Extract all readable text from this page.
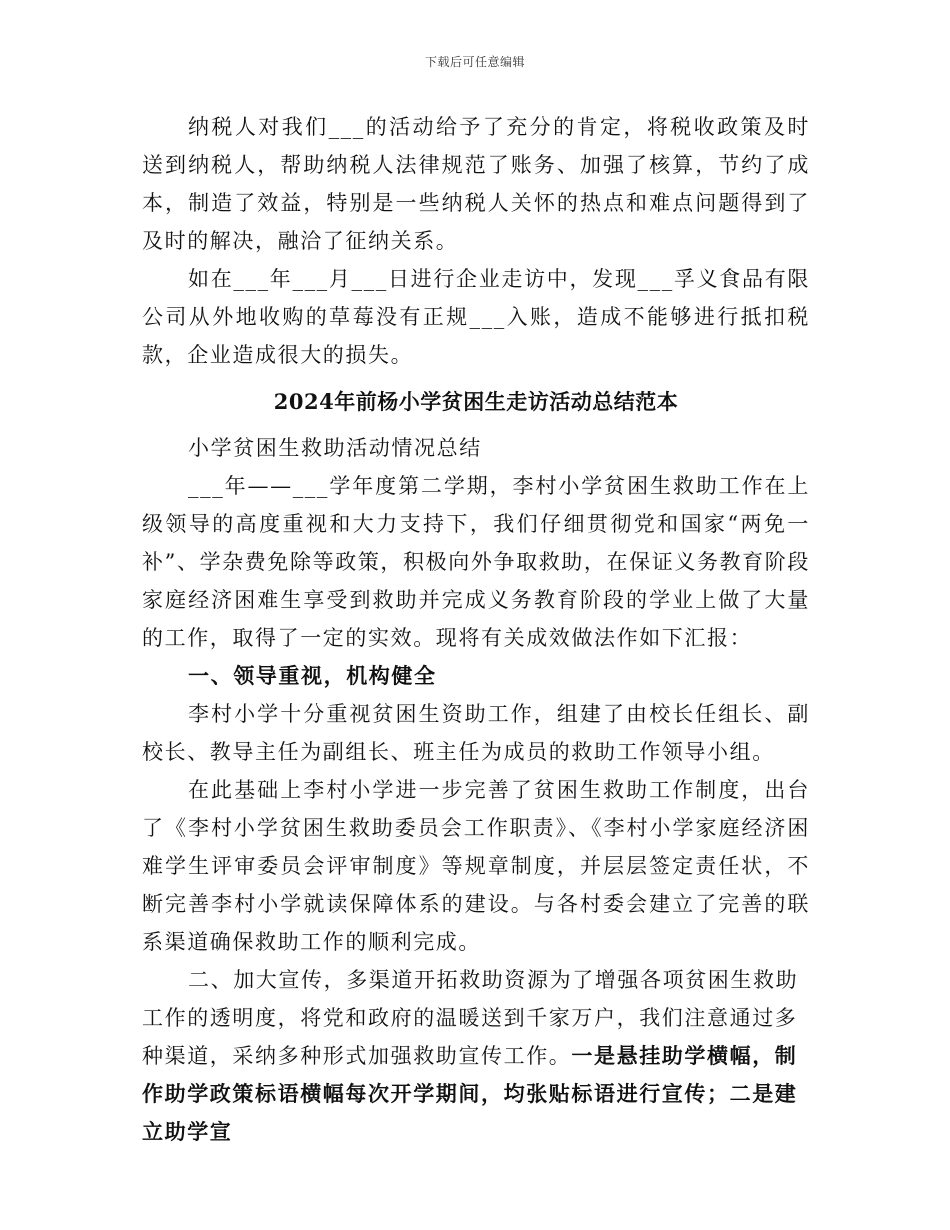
下载后可任意编辑

纳税人对我们___的活动给予了充分的肯定，将税收政策及时送到纳税人，帮助纳税人法律规范了账务、加强了核算，节约了成本，制造了效益，特别是一些纳税人关怀的热点和难点问题得到了及时的解决，融洽了征纳关系。

如在___年___月___日进行企业走访中，发现___孚义食品有限公司从外地收购的草莓没有正规___入账，造成不能够进行抵扣税款，企业造成很大的损失。

2024年前杨小学贫困生走访活动总结范本

小学贫困生救助活动情况总结

___年——___学年度第二学期，李村小学贫困生救助工作在上级领导的高度重视和大力支持下，我们仔细贯彻党和国家“两免一补”、学杂费免除等政策，积极向外争取救助，在保证义务教育阶段家庭经济困难生享受到救助并完成义务教育阶段的学业上做了大量的工作，取得了一定的实效。现将有关成效做法作如下汇报：

一、领导重视，机构健全

李村小学十分重视贫困生资助工作，组建了由校长任组长、副校长、教导主任为副组长、班主任为成员的救助工作领导小组。

在此基础上李村小学进一步完善了贫困生救助工作制度，出台了《李村小学贫困生救助委员会工作职责》、《李村小学家庭经济困难学生评审委员会评审制度》等规章制度，并层层签定责任状，不断完善李村小学就读保障体系的建设。与各村委会建立了完善的联系渠道确保救助工作的顺利完成。

二、加大宣传，多渠道开拓救助资源为了增强各项贫困生救助工作的透明度，将党和政府的温暖送到千家万户，我们注意通过多种渠道，采纳多种形式加强救助宣传工作。一是悬挂助学横幅，制作助学政策标语横幅每次开学期间，均张贴标语进行宣传；二是建立助学宣
